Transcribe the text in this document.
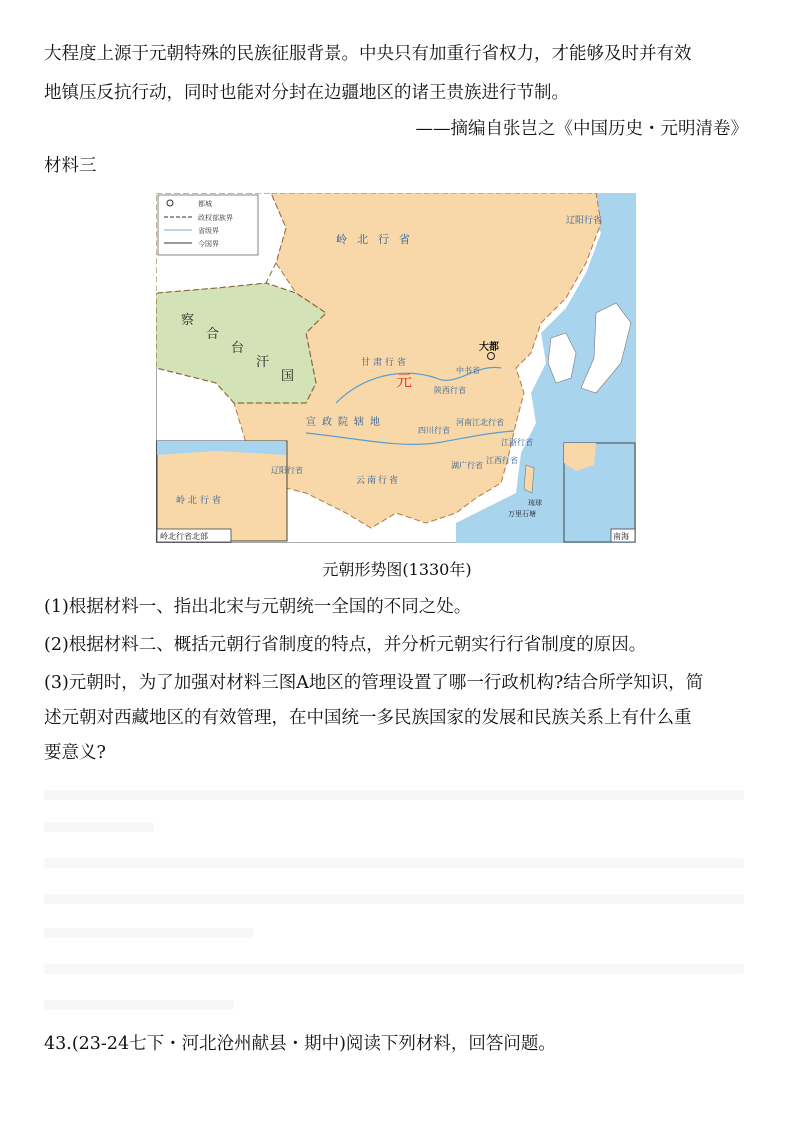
大程度上源于元朝特殊的民族征服背景。中央只有加重行省权力，才能够及时并有效
地镇压反抗行动，同时也能对分封在边疆地区的诸王贵族进行节制。
——摘编自张岂之《中国历史・元明清卷》
材料三
都城
政权部族界
省级界
今国界	岭北行省
元
大都
察
合
台
汗
国
宣政院辖地
甘肃行省
云南行省
四川行省
陕西行省
中书省
河南江北行省
湖广行省
江西行省
江浙行省
辽阳行省
琉球
万里石塘
岭北行省
辽阳行省
岭北行省北部	南海
元朝形势图(1330年)
(1)根据材料一、指出北宋与元朝统一全国的不同之处。
(2)根据材料二、概括元朝行省制度的特点，并分析元朝实行行省制度的原因。
(3)元朝时，为了加强对材料三图A地区的管理设置了哪一行政机构?结合所学知识，简
述元朝对西藏地区的有效管理，在中国统一多民族国家的发展和民族关系上有什么重
要意义?
43.(23-24七下・河北沧州献县・期中)阅读下列材料，回答问题。
